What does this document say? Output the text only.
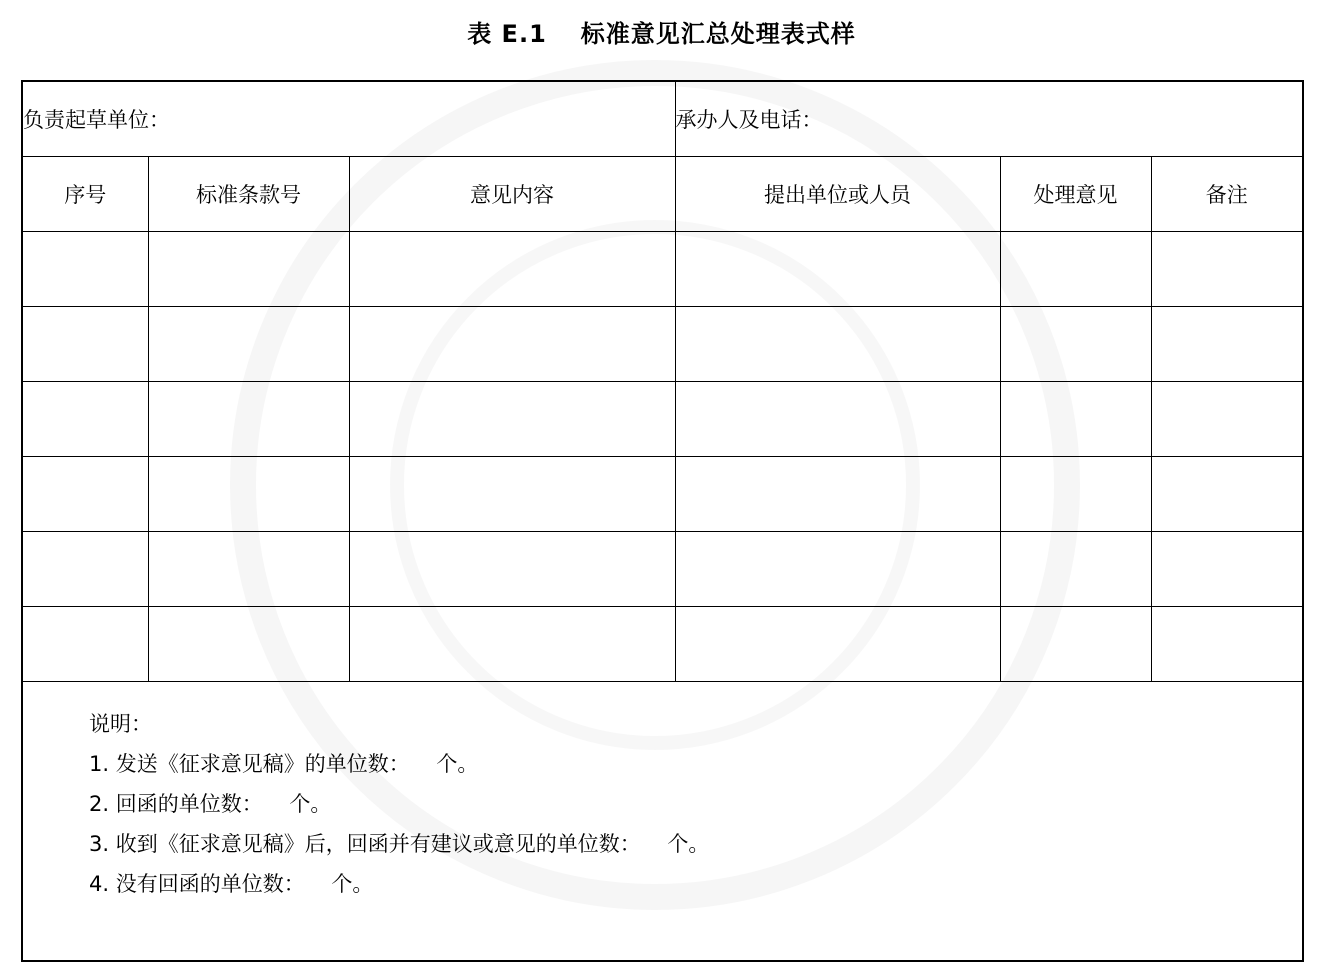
表 E.1 标准意见汇总处理表式样
负责起草单位：			承办人及电话：		
序号	标准条款号	意见内容	提出单位或人员	处理意见	备注

说明：
1. 发送《征求意见稿》的单位数：    个。
2. 回函的单位数：    个。
3. 收到《征求意见稿》后，回函并有建议或意见的单位数：    个。
4. 没有回函的单位数：    个。					
